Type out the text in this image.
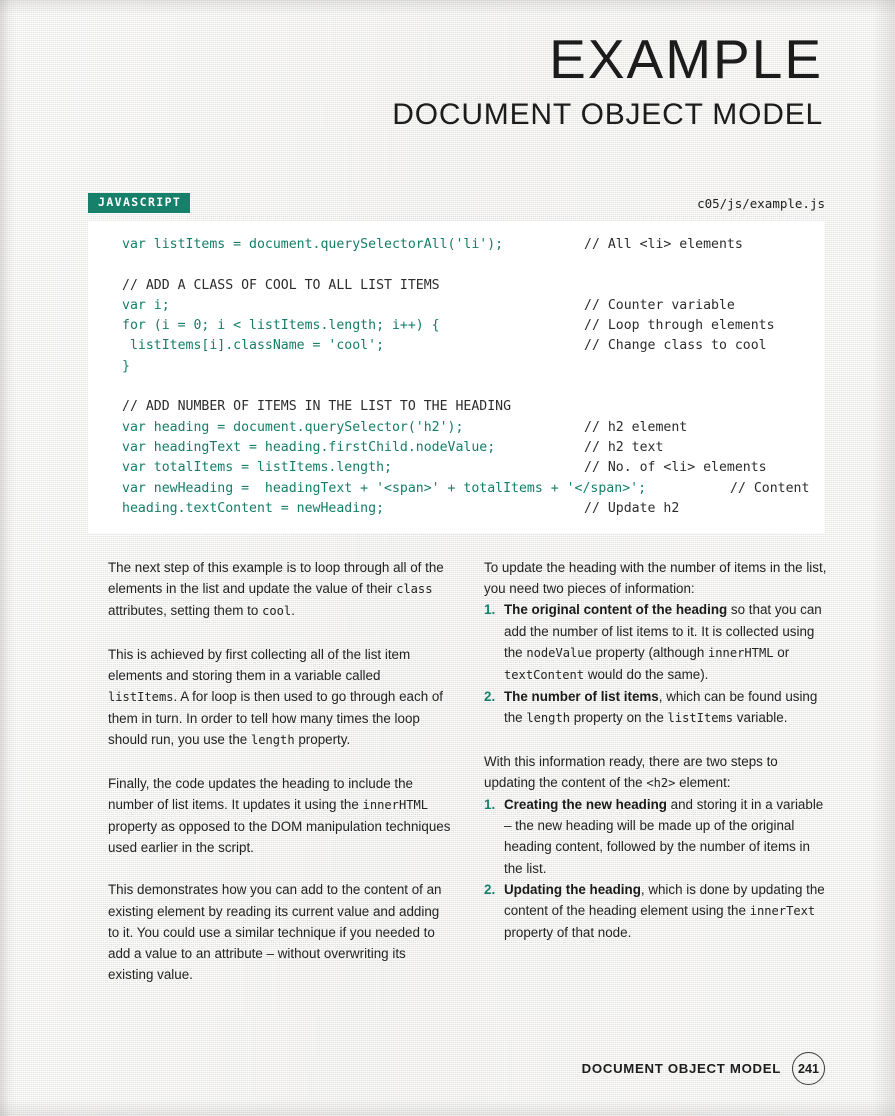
EXAMPLE
DOCUMENT OBJECT MODEL
JAVASCRIPT	c05/js/example.js
var listItems = document.querySelectorAll('li');	// All <li> elements
// ADD A CLASS OF COOL TO ALL LIST ITEMS
var i;	// Counter variable
for (i = 0; i < listItems.length; i++) {	// Loop through elements
listItems[i].className = 'cool';	// Change class to cool
}
// ADD NUMBER OF ITEMS IN THE LIST TO THE HEADING
var heading = document.querySelector('h2');	// h2 element
var headingText = heading.firstChild.nodeValue;	// h2 text
var totalItems = listItems.length;	// No. of <li> elements
var newHeading =  headingText + '<span>' + totalItems + '</span>';	// Content
heading.textContent = newHeading;	// Update h2

The next step of this example is to loop through all of the elements in the list and update the value of their class attributes, setting them to cool.

This is achieved by first collecting all of the list item elements and storing them in a variable called listItems. A for loop is then used to go through each of them in turn. In order to tell how many times the loop should run, you use the length property.

Finally, the code updates the heading to include the number of list items. It updates it using the innerHTML property as opposed to the DOM manipulation techniques used earlier in the script.

This demonstrates how you can add to the content of an existing element by reading its current value and adding to it. You could use a similar technique if you needed to add a value to an attribute – without overwriting its existing value.

To update the heading with the number of items in the list, you need two pieces of information:

1. The original content of the heading so that you can add the number of list items to it. It is collected using the nodeValue property (although innerHTML or textContent would do the same).
2. The number of list items, which can be found using the length property on the listItems variable.

With this information ready, there are two steps to updating the content of the <h2> element:

1. Creating the new heading and storing it in a variable – the new heading will be made up of the original heading content, followed by the number of items in the list.
2. Updating the heading, which is done by updating the content of the heading element using the innerText property of that node.
DOCUMENT OBJECT MODEL	241
